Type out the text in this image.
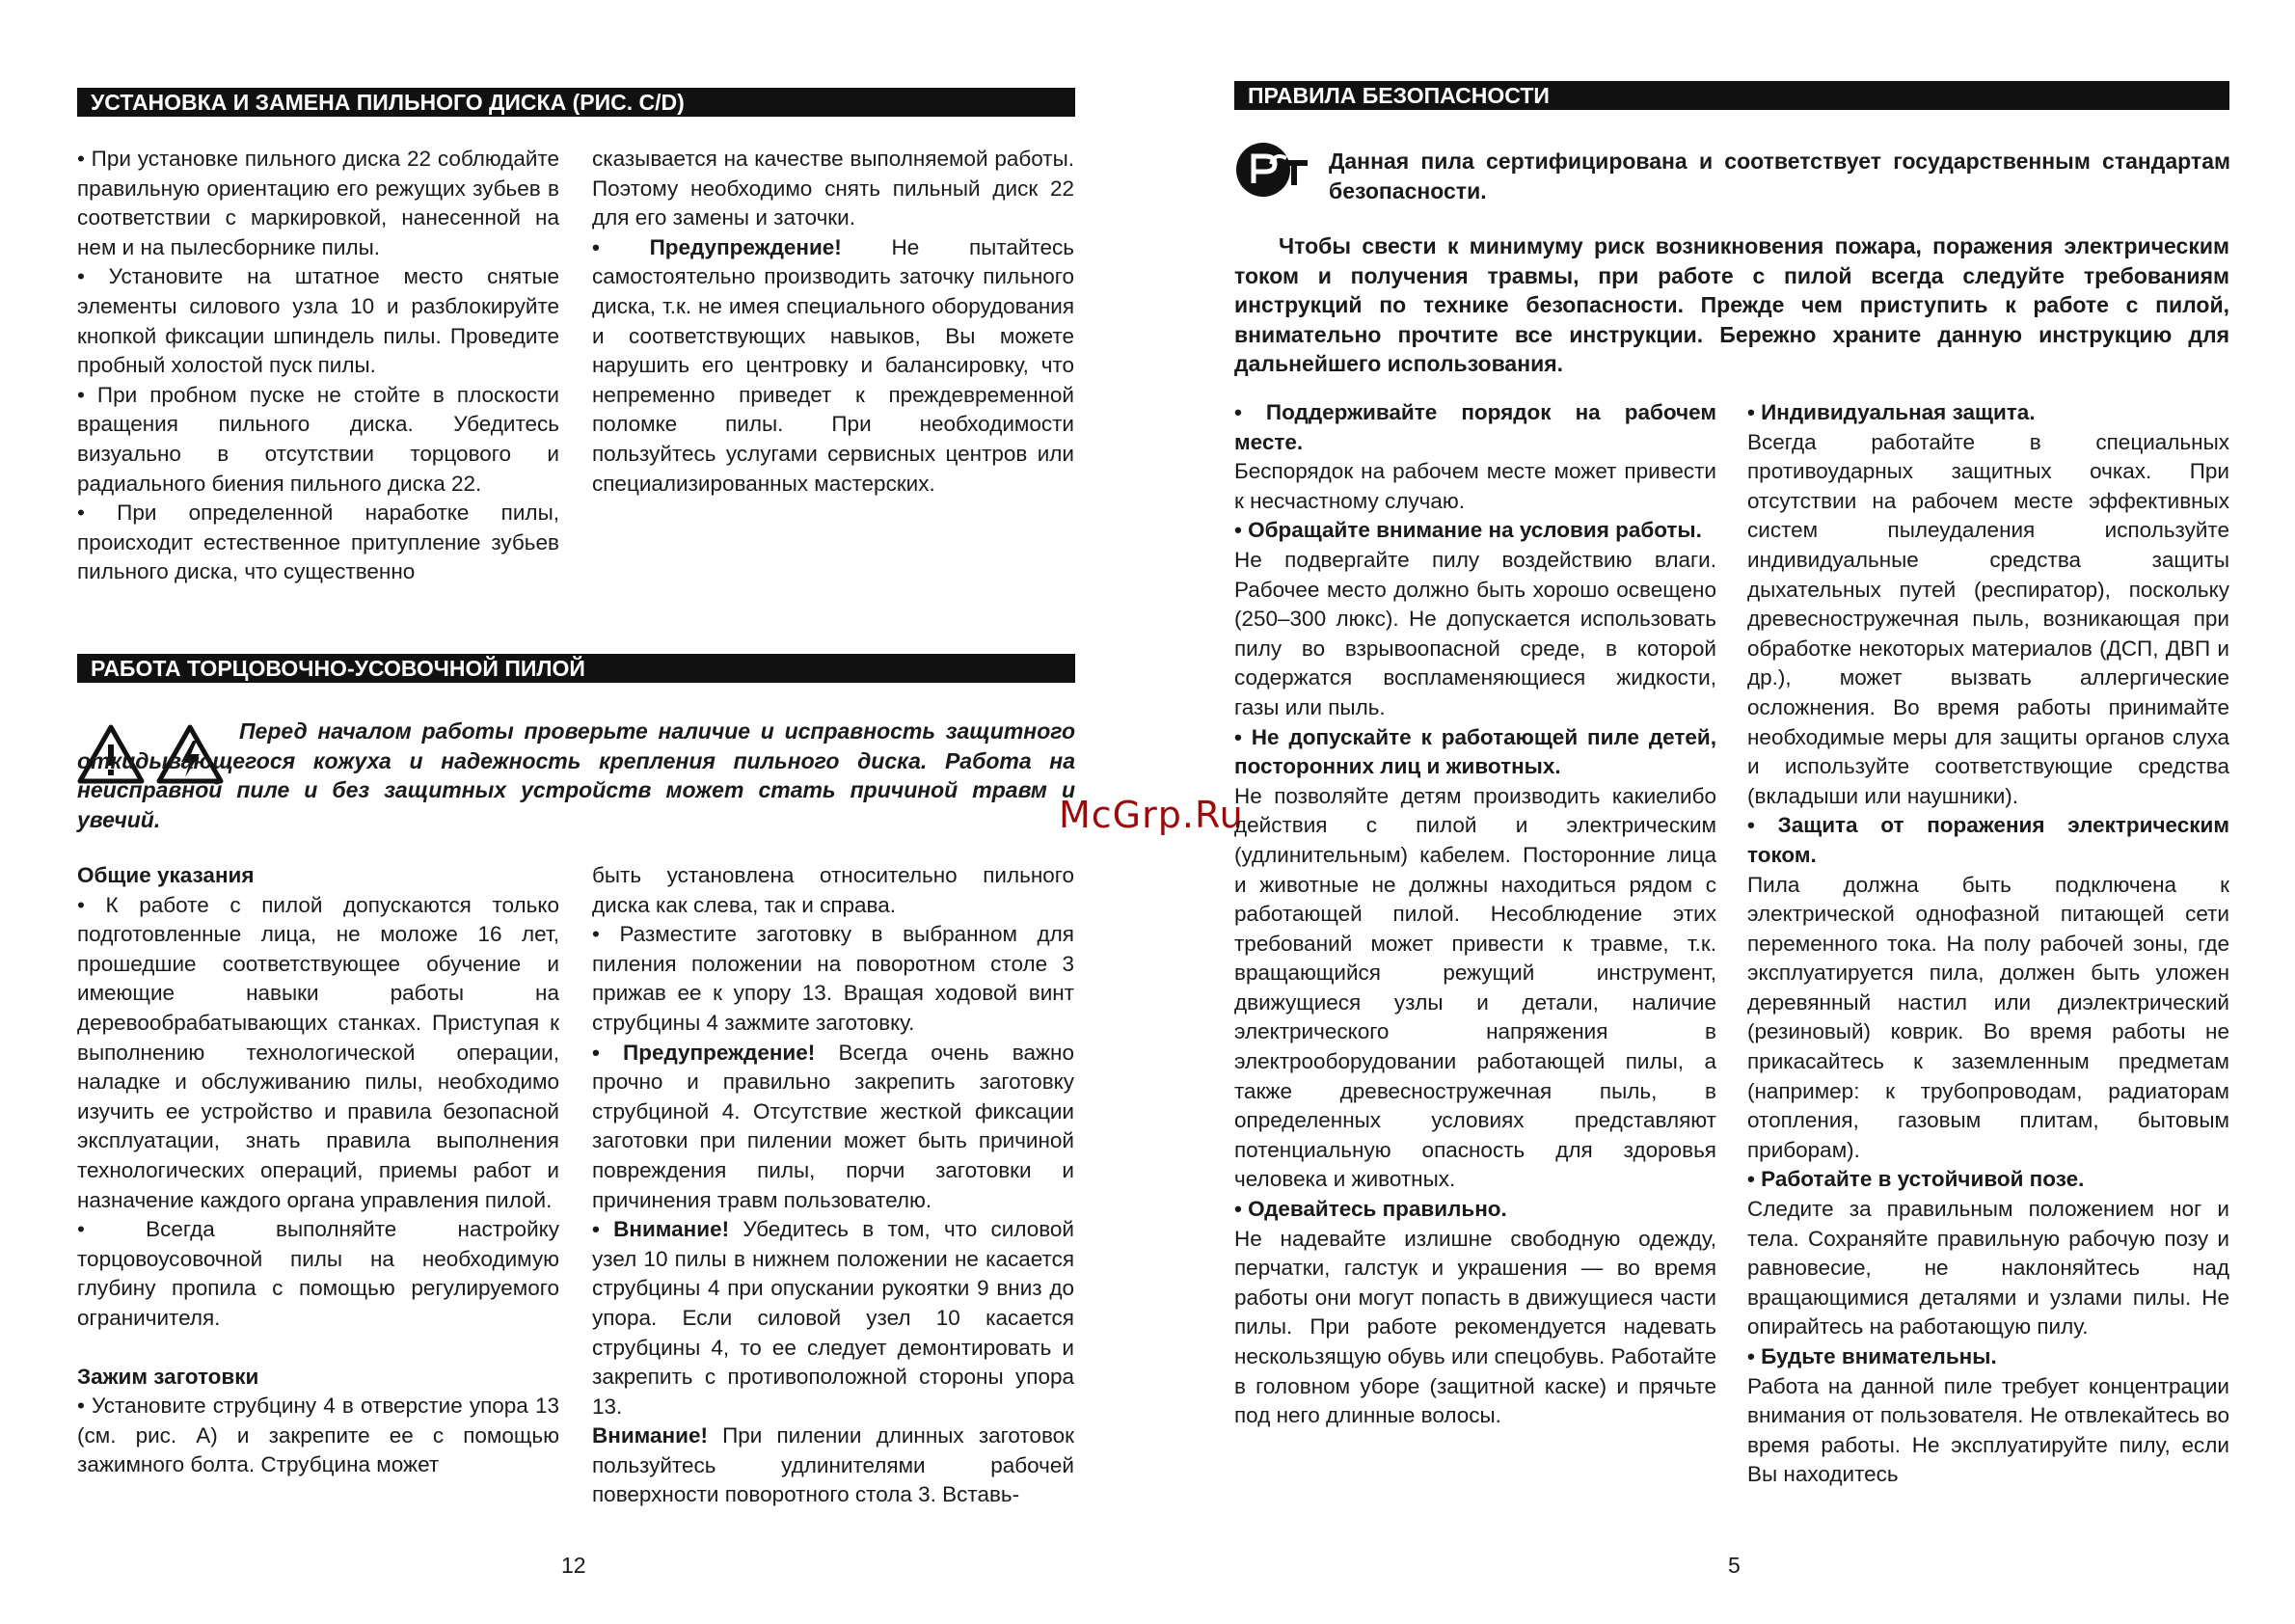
УСТАНОВКА И ЗАМЕНА ПИЛЬНОГО ДИСКА (РИС. C/D)

• При установке пильного диска 22 соблюдайте правильную ориентацию его режущих зубьев в соответствии с маркировкой, нанесенной на нем и на пылесборнике пилы.

• Установите на штатное место снятые элементы силового узла 10 и разблокируйте кнопкой фиксации шпиндель пилы. Проведите пробный холостой пуск пилы.

• При пробном пуске не стойте в плоскости вращения пильного диска. Убедитесь визуально в отсутствии торцового и радиального биения пильного диска 22.

• При определенной наработке пилы, происходит естественное притупление зубьев пильного диска, что существенно

сказывается на качестве выполняемой работы. Поэтому необходимо снять пильный диск 22 для его замены и заточки.

• Предупреждение! Не пытайтесь самостоятельно производить заточку пильного диска, т.к. не имея специального оборудования и соответствующих навыков, Вы можете нарушить его центровку и балансировку, что непременно приведет к преждевременной поломке пилы. При необходимости пользуйтесь услугами сервисных центров или специализированных мастерских.

РАБОТА ТОРЦОВОЧНО-УСОВОЧНОЙ ПИЛОЙ
Перед началом работы проверьте наличие и исправность защитного откидывающегося кожуха и надежность крепления пильного диска. Работа на неисправной пиле и без защитных устройств может стать причиной травм и увечий.

Общие указания

• К работе с пилой допускаются только подготовленные лица, не моложе 16 лет, прошедшие соответствующее обучение и имеющие навыки работы на деревообрабатывающих станках. Приступая к выполнению технологической операции, наладке и обслуживанию пилы, необходимо изучить ее устройство и правила безопасной эксплуатации, знать правила выполнения технологических операций, приемы работ и назначение каждого органа управления пилой.

• Всегда выполняйте настройку торцовоусовочной пилы на необходимую глубину пропила с помощью регулируемого ограничителя.

Зажим заготовки

• Установите струбцину 4 в отверстие упора 13 (см. рис. А) и закрепите ее с помощью зажимного болта. Струбцина может

быть установлена относительно пильного диска как слева, так и справа.

• Разместите заготовку в выбранном для пиления положении на поворотном столе 3 прижав ее к упору 13. Вращая ходовой винт струбцины 4 зажмите заготовку.

• Предупреждение! Всегда очень важно прочно и правильно закрепить заготовку струбциной 4. Отсутствие жесткой фиксации заготовки при пилении может быть причиной повреждения пилы, порчи заготовки и причинения травм пользователю.

• Внимание! Убедитесь в том, что силовой узел 10 пилы в нижнем положении не касается струбцины 4 при опускании рукоятки 9 вниз до упора. Если силовой узел 10 касается струбцины 4, то ее следует демонтировать и закрепить с противоположной стороны упора 13.

Внимание! При пилении длинных заготовок пользуйтесь удлинителями рабочей поверхности поворотного стола 3. Вставь-

12
McGrp.Ru
ПРАВИЛА БЕЗОПАСНОСТИ
Данная пила сертифицирована и соответствует государственным стандартам безопасности.
Чтобы свести к минимуму риск возникновения пожара, поражения электрическим током и получения травмы, при работе с пилой всегда следуйте требованиям инструкций по технике безопасности. Прежде чем приступить к работе с пилой, внимательно прочтите все инструкции. Бережно храните данную инструкцию для дальнейшего использования.

• Поддерживайте порядок на рабочем месте.

Беспорядок на рабочем месте может привести к несчастному случаю.

• Обращайте внимание на условия работы.

Не подвергайте пилу воздействию влаги. Рабочее место должно быть хорошо освещено (250–300 люкс). Не допускается использовать пилу во взрывоопасной среде, в которой содержатся воспламеняющиеся жидкости, газы или пыль.

• Не допускайте к работающей пиле детей, посторонних лиц и животных.

Не позволяйте детям производить какиелибо действия с пилой и электрическим (удлинительным) кабелем. Посторонние лица и животные не должны находиться рядом с работающей пилой. Несоблюдение этих требований может привести к травме, т.к. вращающийся режущий инструмент, движущиеся узлы и детали, наличие электрического напряжения в электрооборудовании работающей пилы, а также древесностружечная пыль, в определенных условиях представляют потенциальную опасность для здоровья человека и животных.

• Одевайтесь правильно.

Не надевайте излишне свободную одежду, перчатки, галстук и украшения — во время работы они могут попасть в движущиеся части пилы. При работе рекомендуется надевать нескользящую обувь или спецобувь. Работайте в головном уборе (защитной каске) и прячьте под него длинные волосы.

• Индивидуальная защита.

Всегда работайте в специальных противоударных защитных очках. При отсутствии на рабочем месте эффективных систем пылеудаления используйте индивидуальные средства защиты дыхательных путей (респиратор), поскольку древесностружечная пыль, возникающая при обработке некоторых материалов (ДСП, ДВП и др.), может вызвать аллергические осложнения. Во время работы принимайте необходимые меры для защиты органов слуха и используйте соответствующие средства (вкладыши или наушники).

• Защита от поражения электрическим током.

Пила должна быть подключена к электрической однофазной питающей сети переменного тока. На полу рабочей зоны, где эксплуатируется пила, должен быть уложен деревянный настил или диэлектрический (резиновый) коврик. Во время работы не прикасайтесь к заземленным предметам (например: к трубопроводам, радиаторам отопления, газовым плитам, бытовым приборам).

• Работайте в устойчивой позе.

Следите за правильным положением ног и тела. Сохраняйте правильную рабочую позу и равновесие, не наклоняйтесь над вращающимися деталями и узлами пилы. Не опирайтесь на работающую пилу.

• Будьте внимательны.

Работа на данной пиле требует концентрации внимания от пользователя. Не отвлекайтесь во время работы. Не эксплуатируйте пилу, если Вы находитесь

5
